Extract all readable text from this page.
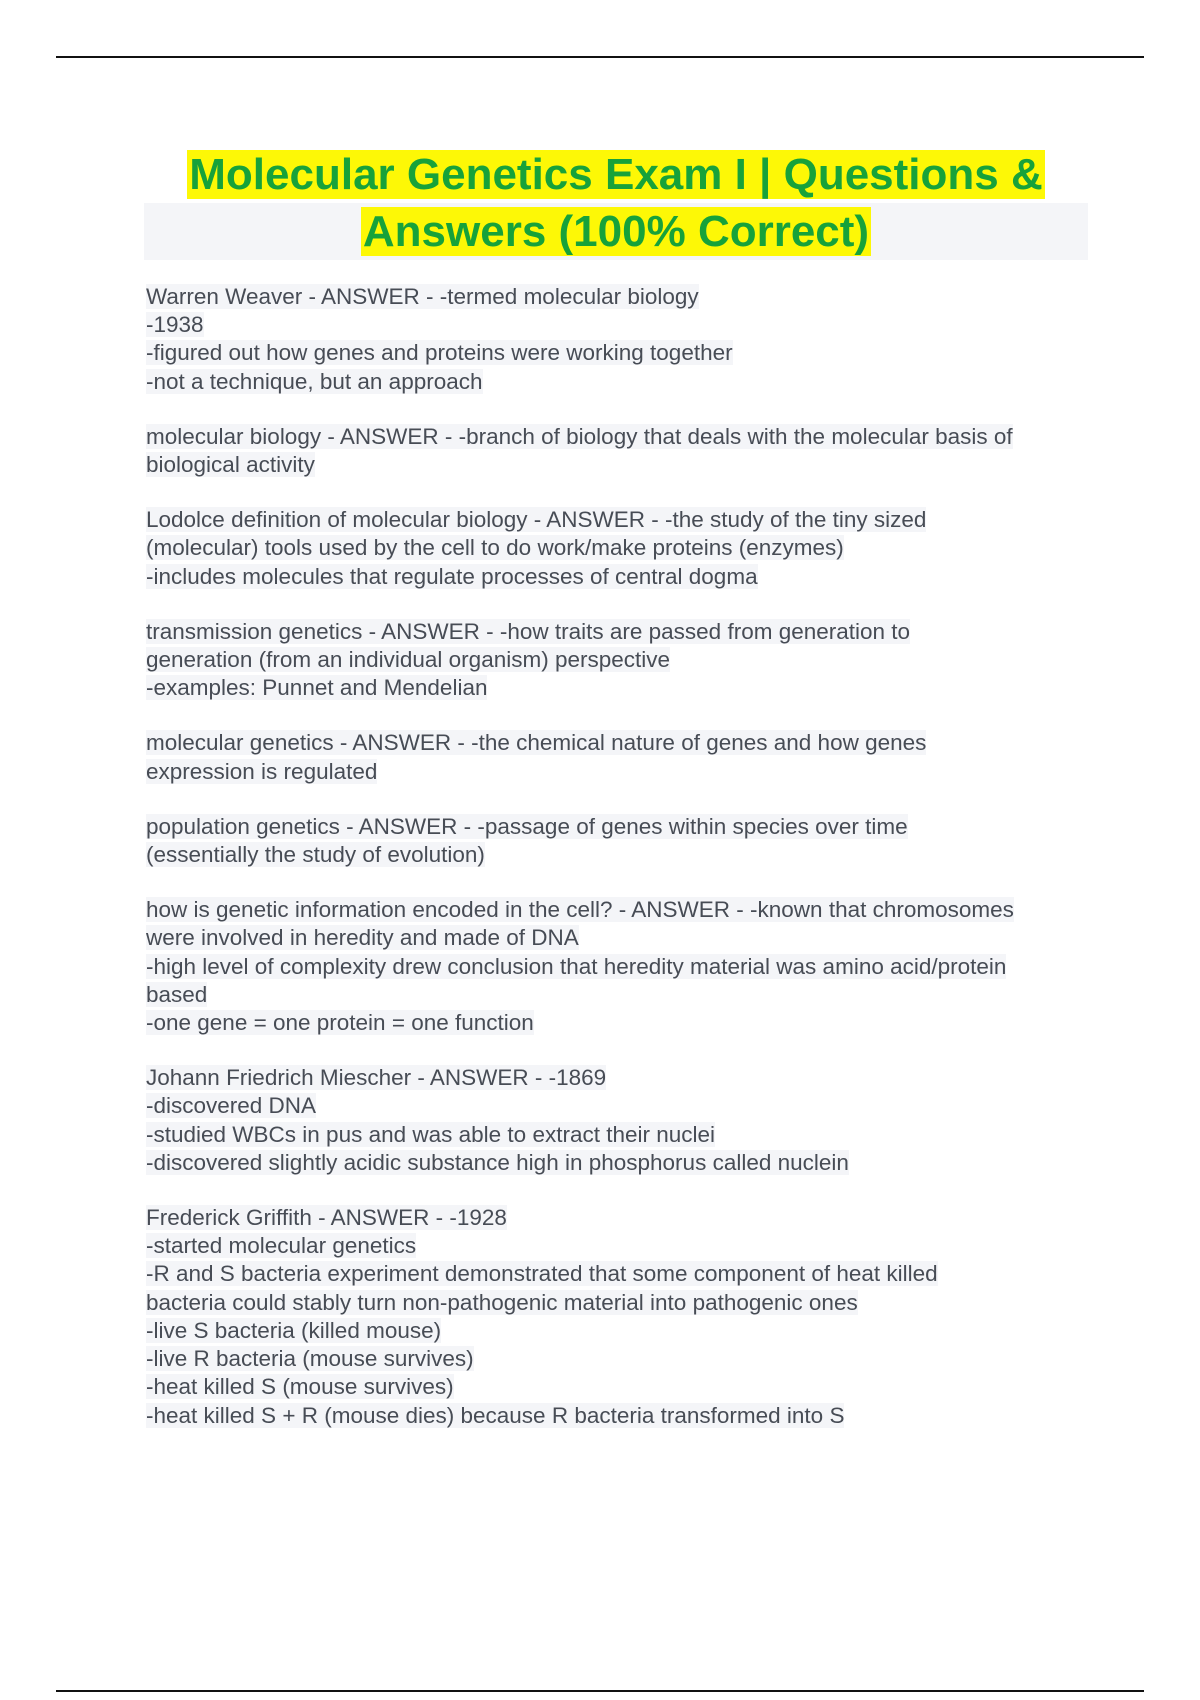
Molecular Genetics Exam I | Questions &
Answers (100% Correct)
Warren Weaver - ANSWER - -termed molecular biology
-1938
-figured out how genes and proteins were working together
-not a technique, but an approach
molecular biology - ANSWER - -branch of biology that deals with the molecular basis of
biological activity
Lodolce definition of molecular biology - ANSWER - -the study of the tiny sized
(molecular) tools used by the cell to do work/make proteins (enzymes)
-includes molecules that regulate processes of central dogma
transmission genetics - ANSWER - -how traits are passed from generation to
generation (from an individual organism) perspective
-examples: Punnet and Mendelian
molecular genetics - ANSWER - -the chemical nature of genes and how genes
expression is regulated
population genetics - ANSWER - -passage of genes within species over time
(essentially the study of evolution)
how is genetic information encoded in the cell? - ANSWER - -known that chromosomes
were involved in heredity and made of DNA
-high level of complexity drew conclusion that heredity material was amino acid/protein
based
-one gene = one protein = one function
Johann Friedrich Miescher - ANSWER - -1869
-discovered DNA
-studied WBCs in pus and was able to extract their nuclei
-discovered slightly acidic substance high in phosphorus called nuclein
Frederick Griffith - ANSWER - -1928
-started molecular genetics
-R and S bacteria experiment demonstrated that some component of heat killed
bacteria could stably turn non-pathogenic material into pathogenic ones
-live S bacteria (killed mouse)
-live R bacteria (mouse survives)
-heat killed S (mouse survives)
-heat killed S + R (mouse dies) because R bacteria transformed into S
